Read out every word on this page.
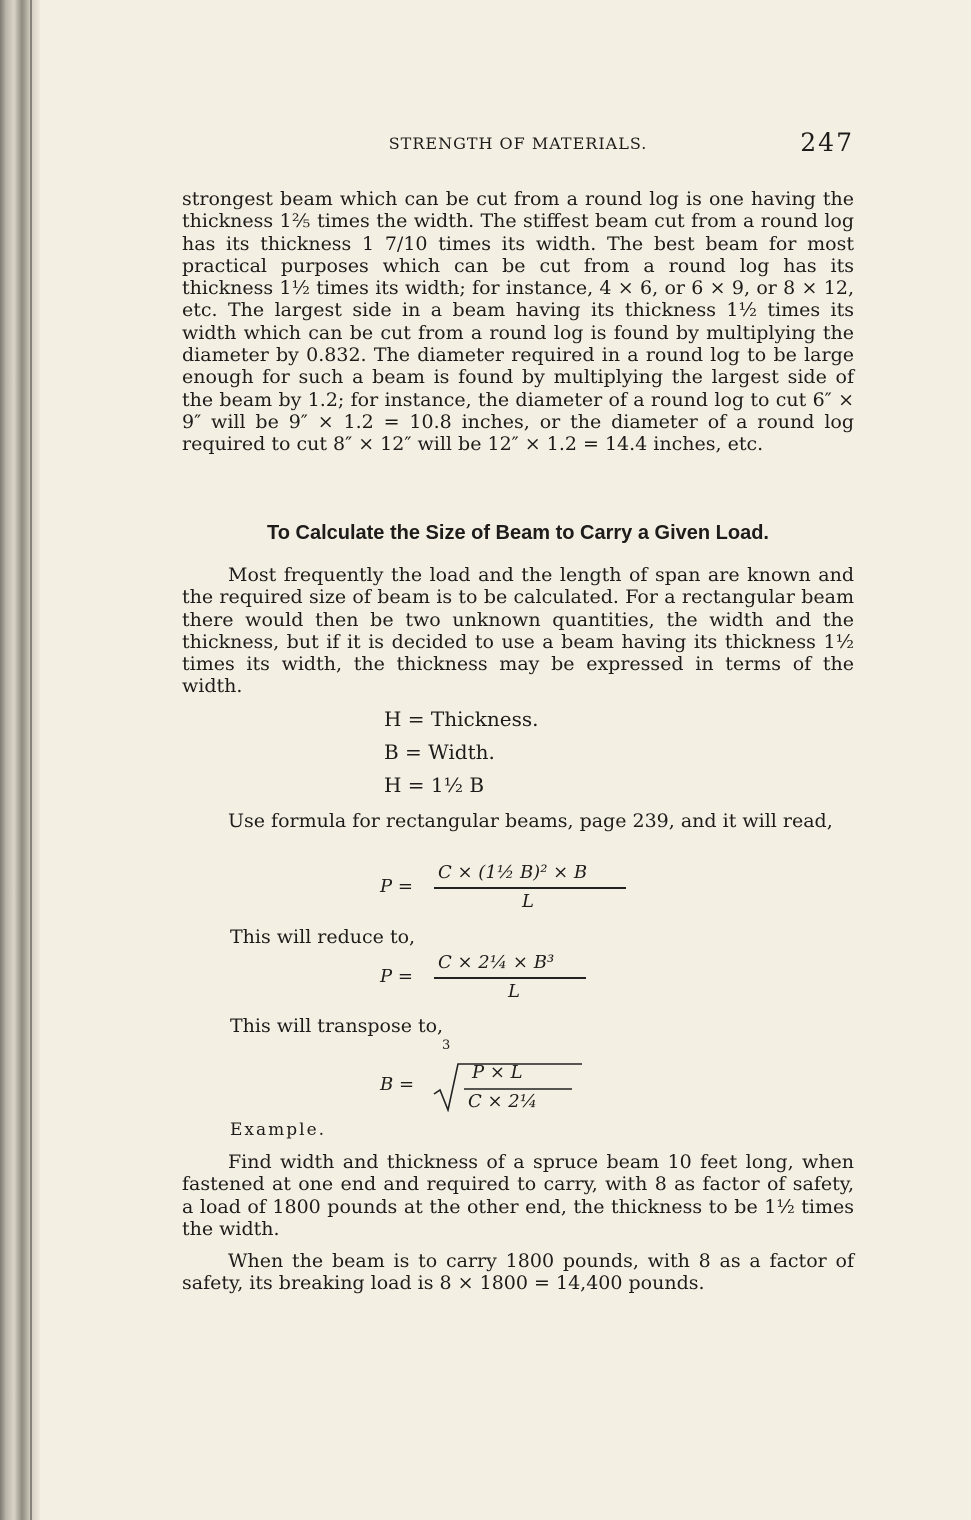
STRENGTH OF MATERIALS.	247

strongest beam which can be cut from a round log is one having the thickness 1⅖ times the width. The stiffest beam cut from a round log has its thickness 1 7/10 times its width. The best beam for most practical purposes which can be cut from a round log has its thickness 1½ times its width; for instance, 4 × 6, or 6 × 9, or 8 × 12, etc. The largest side in a beam having its thickness 1½ times its width which can be cut from a round log is found by multiplying the diameter by 0.832. The diameter required in a round log to be large enough for such a beam is found by multiplying the largest side of the beam by 1.2; for instance, the diameter of a round log to cut 6″ × 9″ will be 9″ × 1.2 = 10.8 inches, or the diameter of a round log required to cut 8″ × 12″ will be 12″ × 1.2 = 14.4 inches, etc.

To Calculate the Size of Beam to Carry a Given Load.

Most frequently the load and the length of span are known and the required size of beam is to be calculated. For a rectangular beam there would then be two unknown quantities, the width and the thickness, but if it is decided to use a beam having its thickness 1½ times its width, the thickness may be expressed in terms of the width.

H = Thickness.
B = Width.
H = 1½ B

Use formula for rectangular beams, page 239, and it will read,

P =
C × (1½ B)² × B
L
This will reduce to,
P =
C × 2¼ × B³
L
This will transpose to,
3
B =
P × L
C × 2¼
Example.

Find width and thickness of a spruce beam 10 feet long, when fastened at one end and required to carry, with 8 as factor of safety, a load of 1800 pounds at the other end, the thickness to be 1½ times the width.

When the beam is to carry 1800 pounds, with 8 as a factor of safety, its breaking load is 8 × 1800 = 14,400 pounds.
